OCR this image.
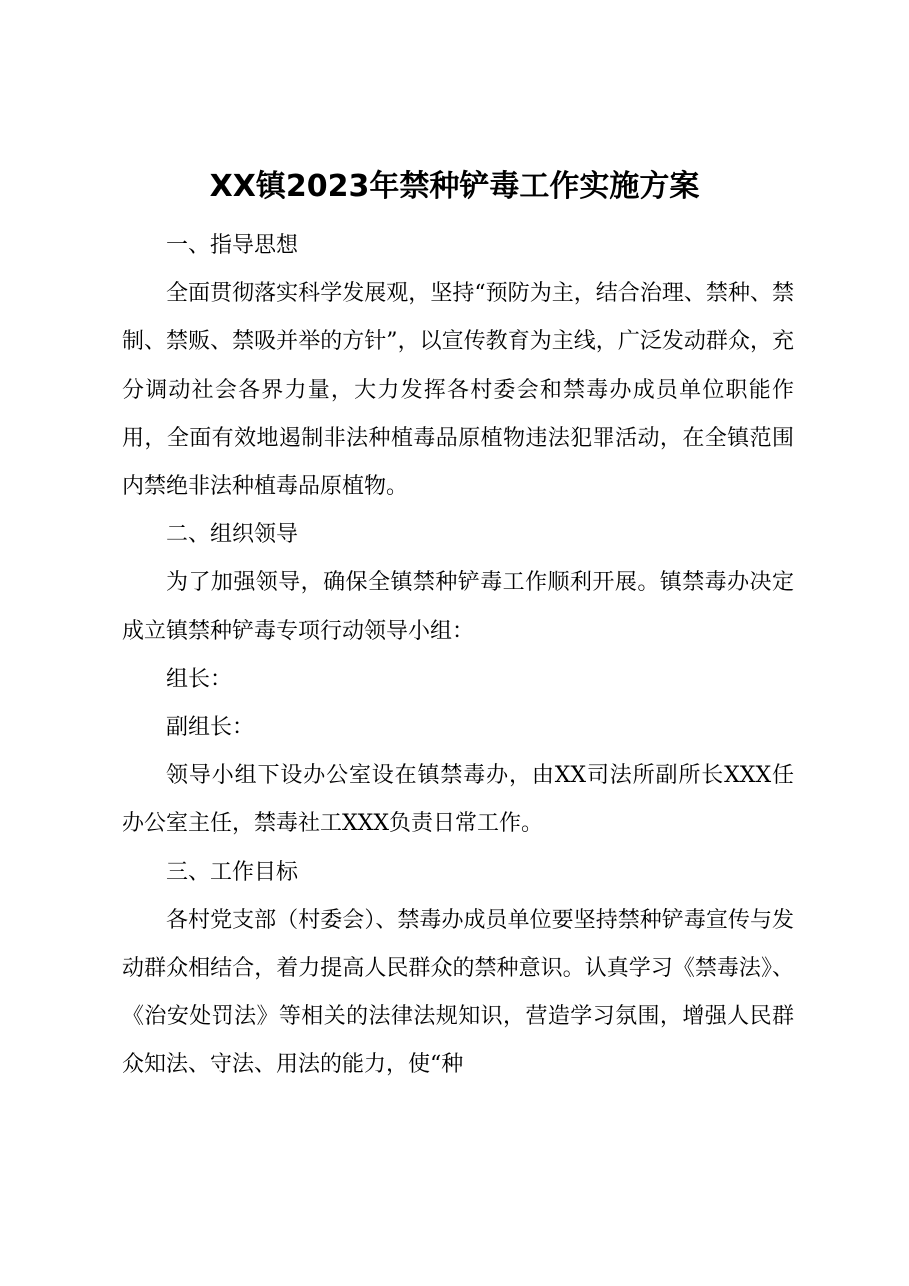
XX镇2023年禁种铲毒工作实施方案

一、指导思想

全面贯彻落实科学发展观，坚持“预防为主，结合治理、禁种、禁制、禁贩、禁吸并举的方针”，以宣传教育为主线，广泛发动群众，充分调动社会各界力量，大力发挥各村委会和禁毒办成员单位职能作用，全面有效地遏制非法种植毒品原植物违法犯罪活动，在全镇范围内禁绝非法种植毒品原植物。

二、组织领导

为了加强领导，确保全镇禁种铲毒工作顺利开展。镇禁毒办决定成立镇禁种铲毒专项行动领导小组：

组长：

副组长：

领导小组下设办公室设在镇禁毒办，由XX司法所副所长XXX任办公室主任，禁毒社工XXX负责日常工作。

三、工作目标

各村党支部（村委会）、禁毒办成员单位要坚持禁种铲毒宣传与发动群众相结合，着力提高人民群众的禁种意识。认真学习《禁毒法》、《治安处罚法》等相关的法律法规知识，营造学习氛围，增强人民群众知法、守法、用法的能力，使“种
